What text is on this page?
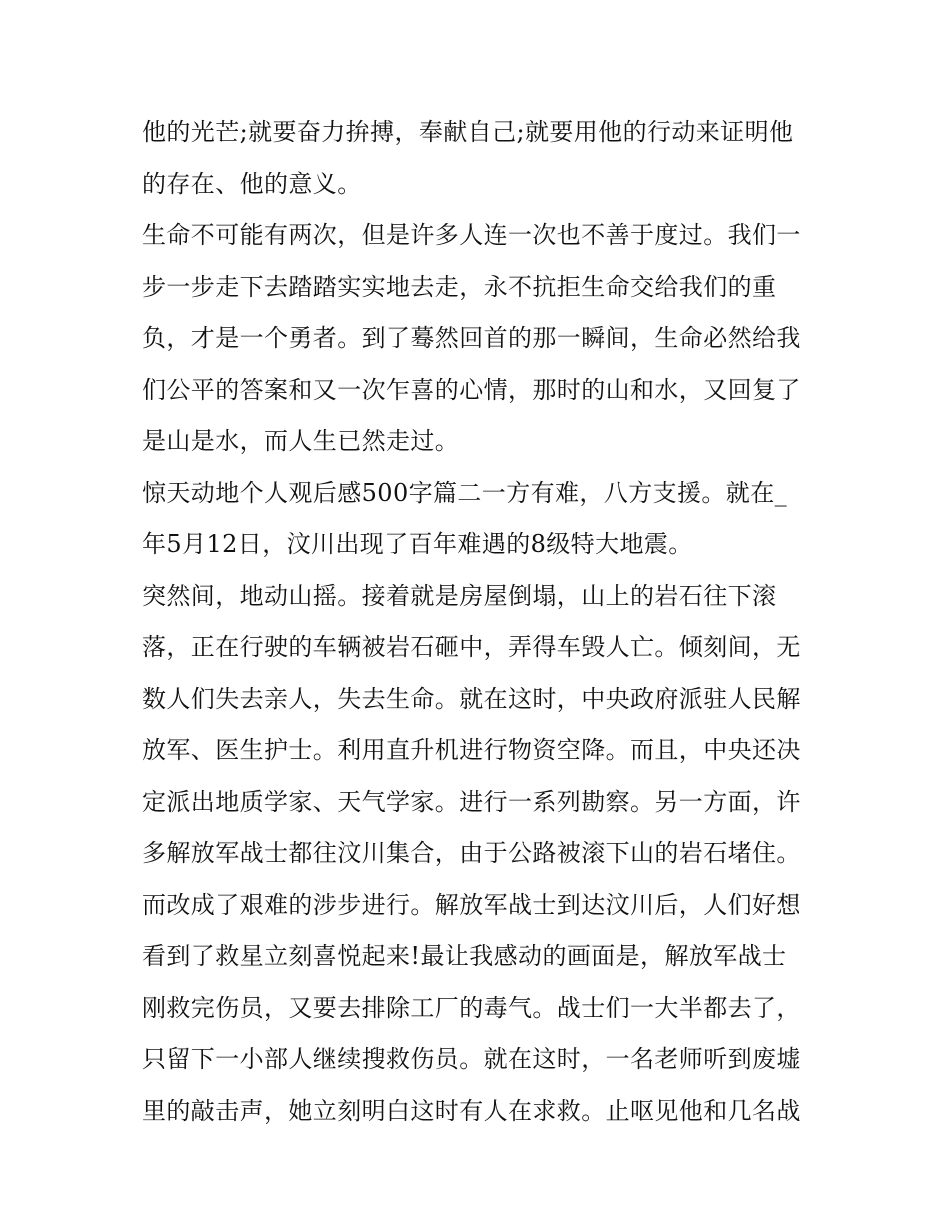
他的光芒;就要奋力拚搏，奉献自己;就要用他的行动来证明他
的存在、他的意义。
生命不可能有两次，但是许多人连一次也不善于度过。我们一
步一步走下去踏踏实实地去走，永不抗拒生命交给我们的重
负，才是一个勇者。到了蓦然回首的那一瞬间，生命必然给我
们公平的答案和又一次乍喜的心情，那时的山和水，又回复了
是山是水，而人生已然走过。
惊天动地个人观后感500字篇二一方有难，八方支援。就在_
年5月12日，汶川出现了百年难遇的8级特大地震。
突然间，地动山摇。接着就是房屋倒塌，山上的岩石往下滚
落，正在行驶的车辆被岩石砸中，弄得车毁人亡。倾刻间，无
数人们失去亲人，失去生命。就在这时，中央政府派驻人民解
放军、医生护士。利用直升机进行物资空降。而且，中央还决
定派出地质学家、天气学家。进行一系列勘察。另一方面，许
多解放军战士都往汶川集合，由于公路被滚下山的岩石堵住。
而改成了艰难的涉步进行。解放军战士到达汶川后，人们好想
看到了救星立刻喜悦起来!最让我感动的画面是，解放军战士
刚救完伤员，又要去排除工厂的毒气。战士们一大半都去了，
只留下一小部人继续搜救伤员。就在这时，一名老师听到废墟
里的敲击声，她立刻明白这时有人在求救。止呕见他和几名战
